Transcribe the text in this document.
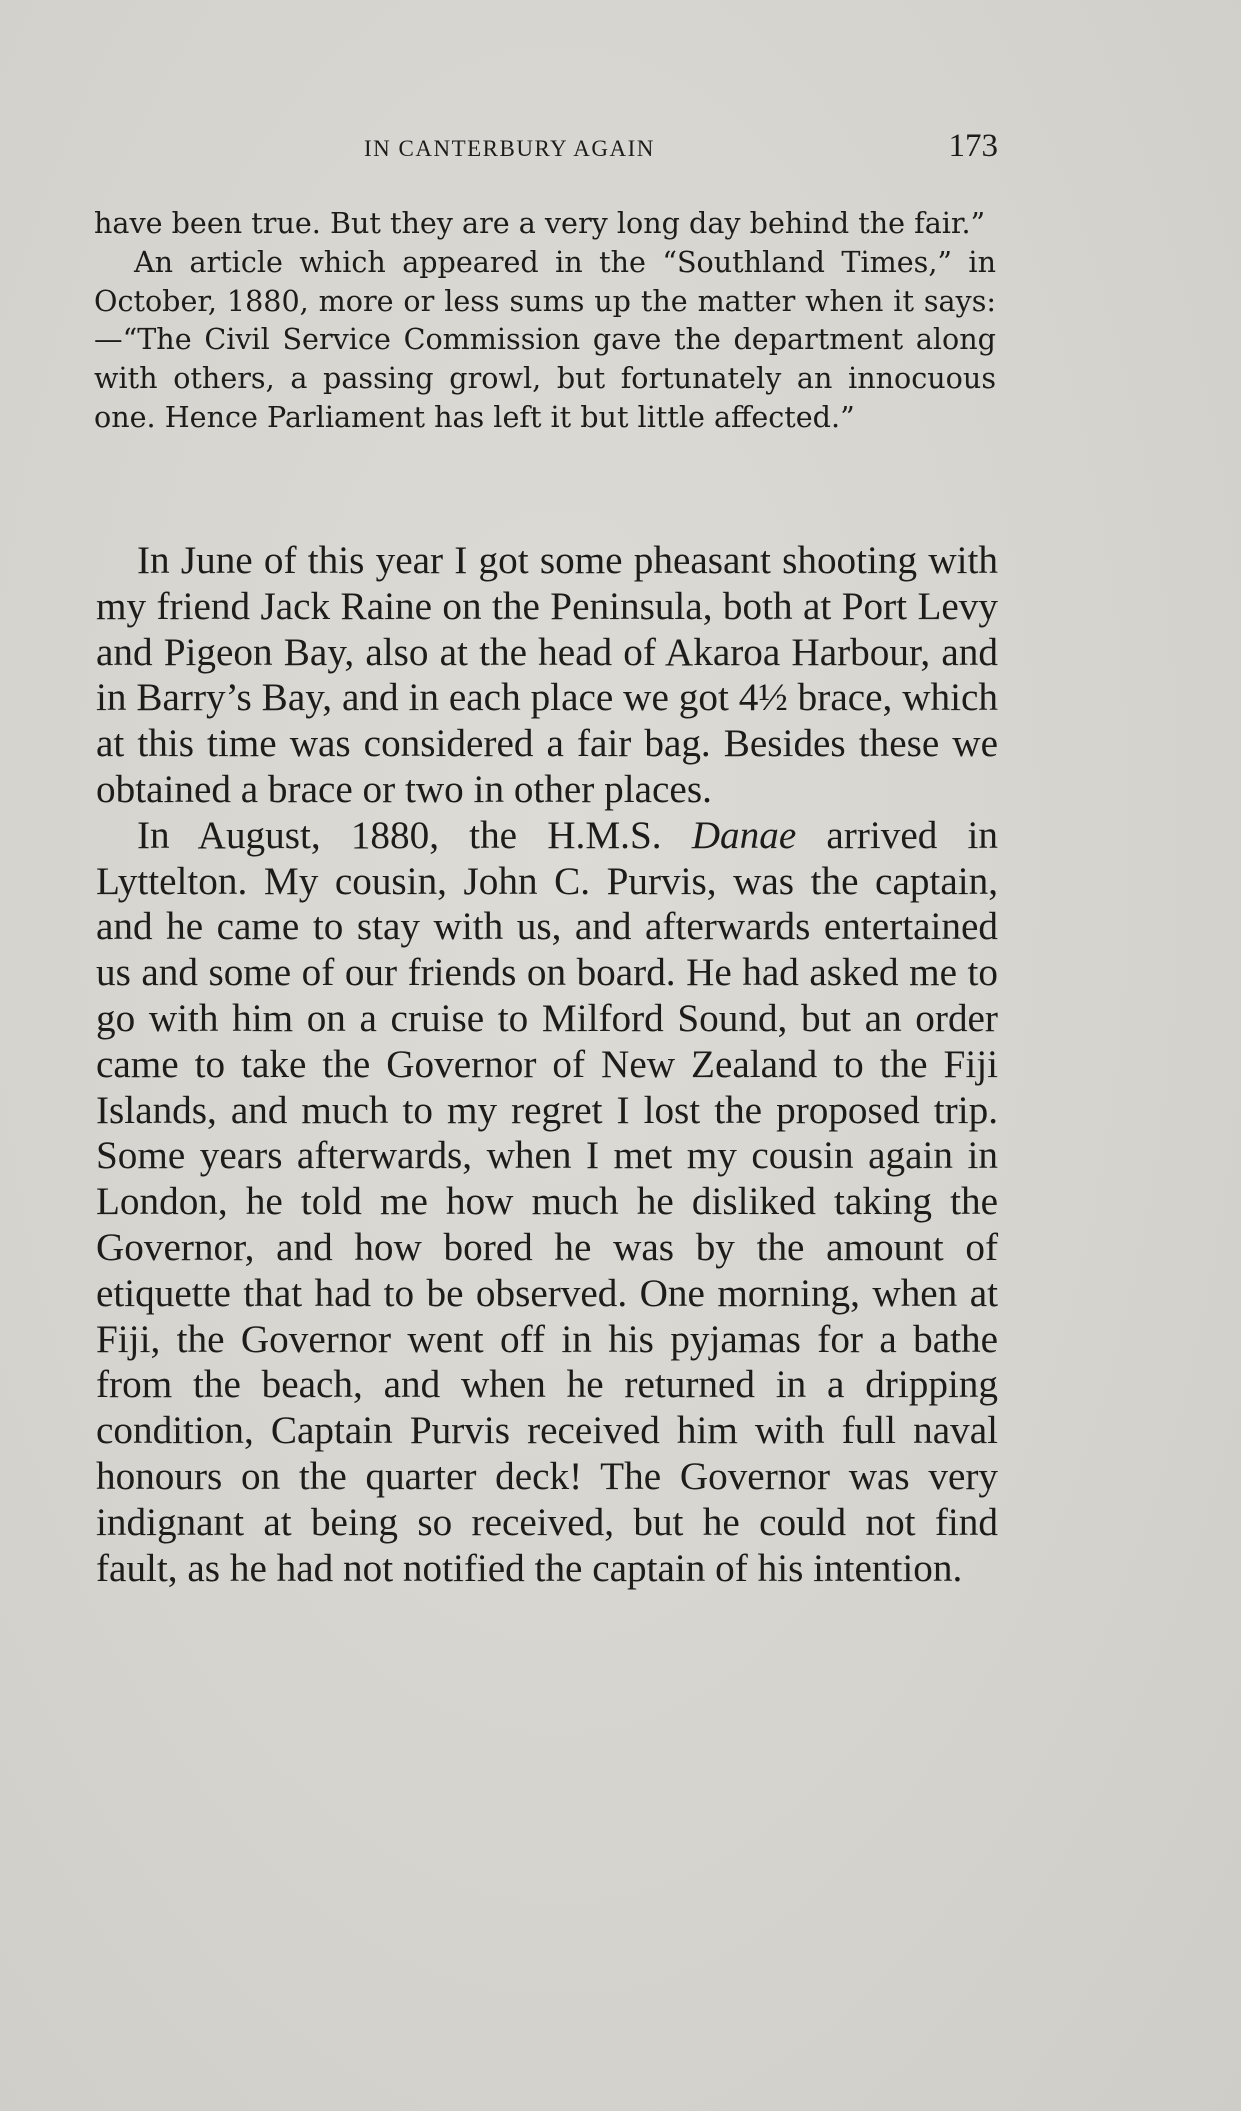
IN CANTERBURY AGAIN	173

have been true. But they are a very long day behind the fair.”

An article which appeared in the “Southland Times,” in October, 1880, more or less sums up the matter when it says:—“The Civil Service Commission gave the department along with others, a passing growl, but fortunately an innocuous one. Hence Parliament has left it but little affected.”

In June of this year I got some pheasant shooting with my friend Jack Raine on the Peninsula, both at Port Levy and Pigeon Bay, also at the head of Akaroa Harbour, and in Barry’s Bay, and in each place we got 4½ brace, which at this time was considered a fair bag. Besides these we obtained a brace or two in other places.

In August, 1880, the H.M.S. Danae arrived in Lyttelton. My cousin, John C. Purvis, was the captain, and he came to stay with us, and afterwards entertained us and some of our friends on board. He had asked me to go with him on a cruise to Milford Sound, but an order came to take the Governor of New Zealand to the Fiji Islands, and much to my regret I lost the proposed trip. Some years afterwards, when I met my cousin again in London, he told me how much he disliked taking the Governor, and how bored he was by the amount of etiquette that had to be observed. One morning, when at Fiji, the Governor went off in his pyjamas for a bathe from the beach, and when he returned in a dripping condition, Captain Purvis received him with full naval honours on the quarter deck! The Governor was very indignant at being so received, but he could not find fault, as he had not notified the captain of his intention.
